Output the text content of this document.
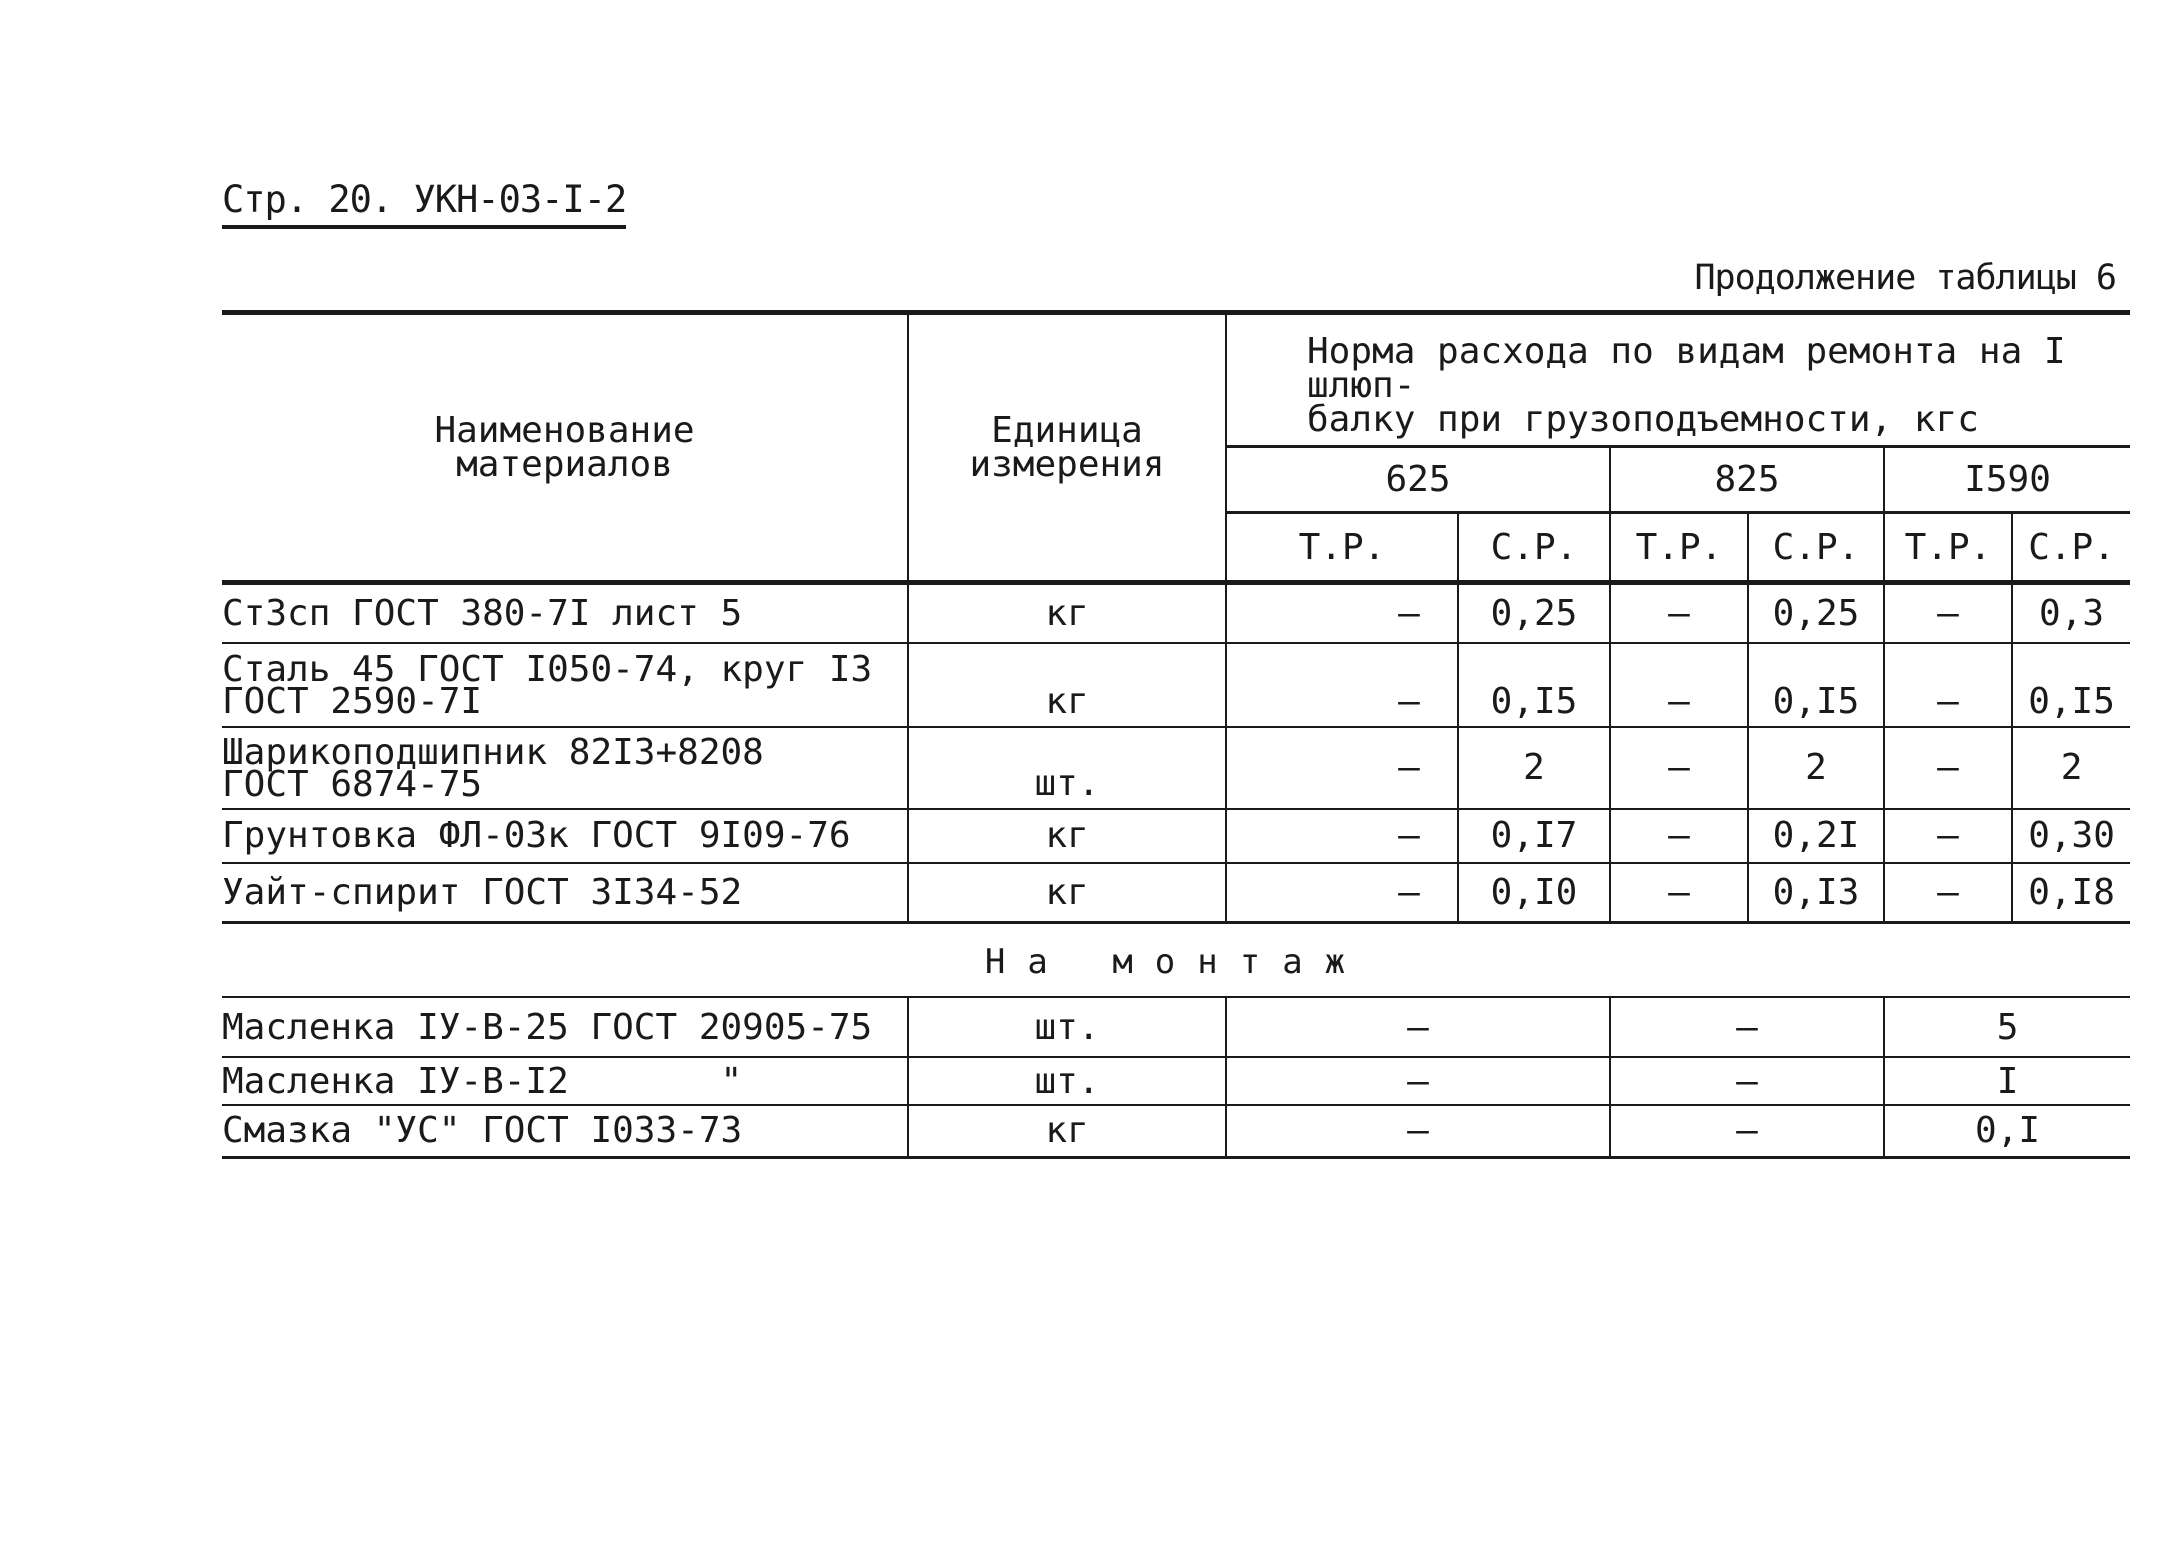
Стр. 20. УКН-03-I-2
Продолжение таблицы 6
Наименование материалов	Единица измерения	Норма расхода по видам ремонта на I шлюп-
балку при грузоподъемности, кгс					

		625		825		I590	
		Т.Р.	С.Р.	Т.Р.	С.Р.	Т.Р.	С.Р.
Ст3сп ГОСТ 380-7I лист 5	кг	–	0,25	–	0,25	–	0,3

Сталь 45 ГОСТ I050-74, круг I3
ГОСТ 2590-7I	кг	–	0,I5	–	0,I5	–	0,I5

Шарикоподшипник 82I3+8208
ГОСТ 6874-75	шт.	–	2	–	2	–	2
Грунтовка ФЛ-03к ГОСТ 9I09-76	кг	–	0,I7	–	0,2I	–	0,30
Уайт-спирит ГОСТ 3I34-52	кг	–	0,I0	–	0,I3	–	0,I8
На монтаж							
Масленка IУ-В-25 ГОСТ 20905-75	шт.	–		–		5	
Масленка IУ-В-I2 "	шт.	–		–		I	
Смазка "УС" ГОСТ I033-73	кг	–		–		0,I	
